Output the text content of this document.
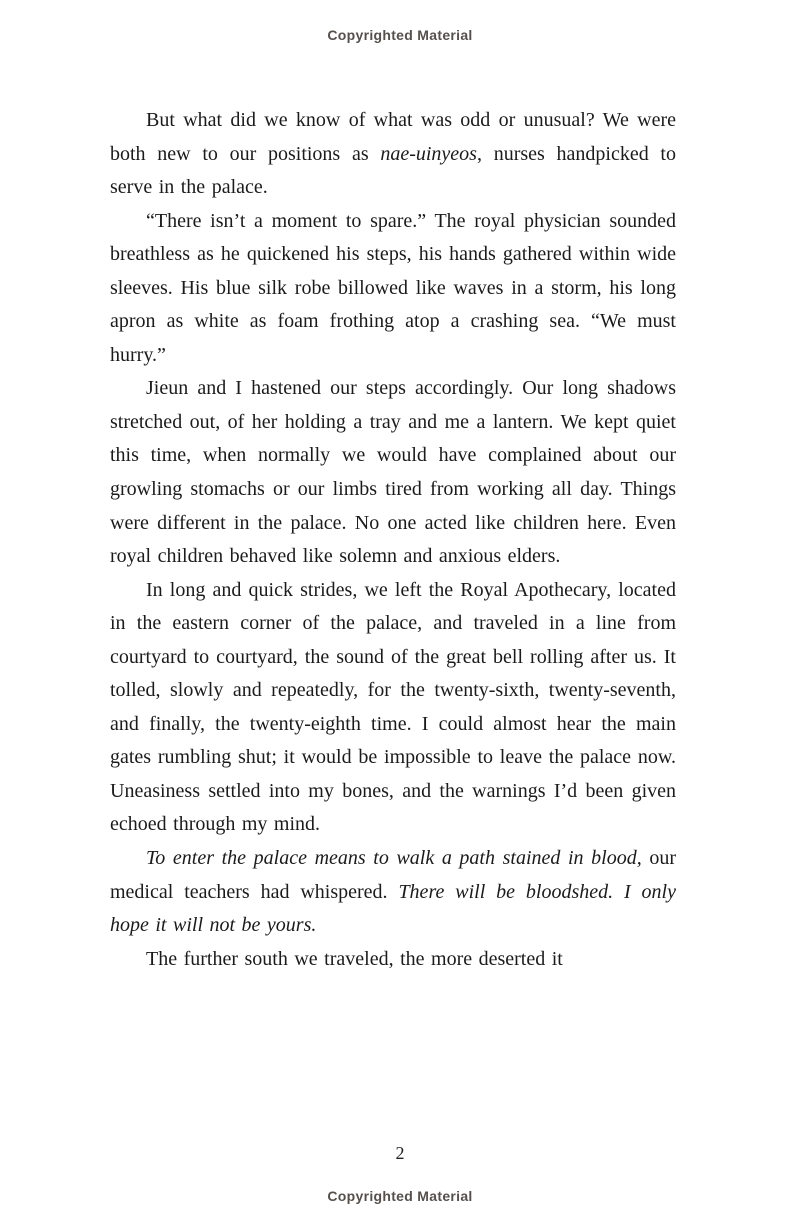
Copyrighted Material

But what did we know of what was odd or unusual? We were both new to our positions as nae-uinyeos, nurses handpicked to serve in the palace.

“There isn’t a moment to spare.” The royal physician sounded breathless as he quickened his steps, his hands gathered within wide sleeves. His blue silk robe billowed like waves in a storm, his long apron as white as foam frothing atop a crashing sea. “We must hurry.”

Jieun and I hastened our steps accordingly. Our long shadows stretched out, of her holding a tray and me a lantern. We kept quiet this time, when normally we would have complained about our growling stomachs or our limbs tired from working all day. Things were different in the palace. No one acted like children here. Even royal children behaved like solemn and anxious elders.

In long and quick strides, we left the Royal Apothecary, located in the eastern corner of the palace, and traveled in a line from courtyard to courtyard, the sound of the great bell rolling after us. It tolled, slowly and repeatedly, for the twenty-sixth, twenty-seventh, and finally, the twenty-eighth time. I could almost hear the main gates rumbling shut; it would be impossible to leave the palace now. Uneasiness settled into my bones, and the warnings I’d been given echoed through my mind.

To enter the palace means to walk a path stained in blood, our medical teachers had whispered. There will be bloodshed. I only hope it will not be yours.

The further south we traveled, the more deserted it

2
Copyrighted Material
